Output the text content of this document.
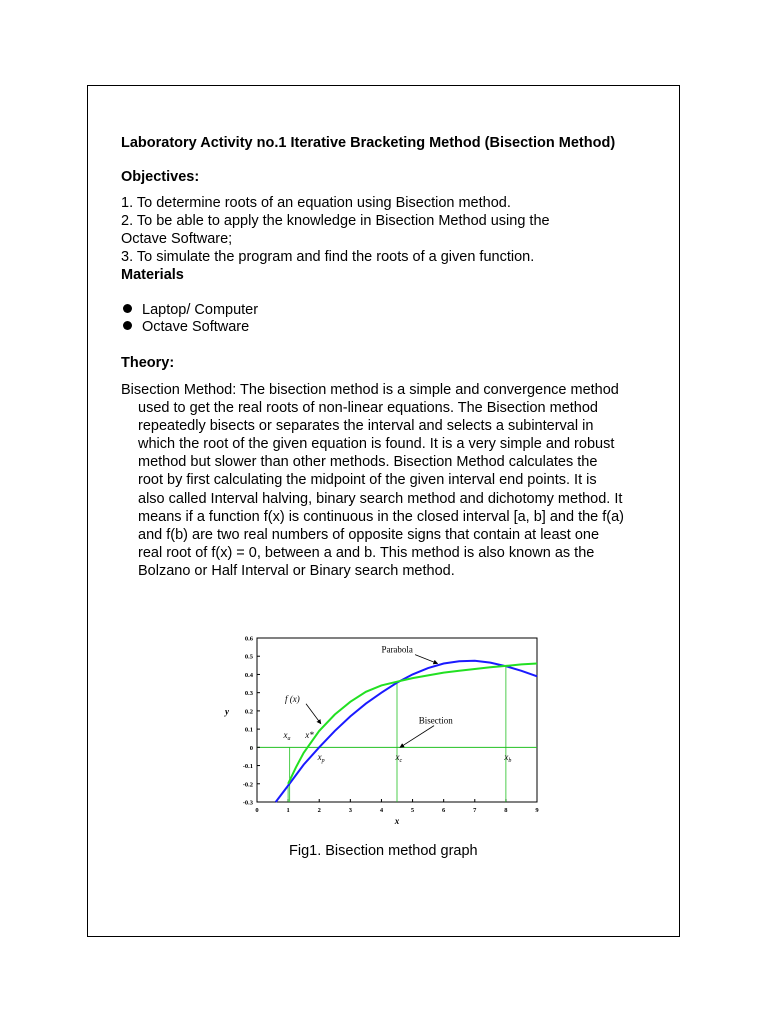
Laboratory Activity no.1 Iterative Bracketing Method (Bisection Method)
Objectives:
1. To determine roots of an equation using Bisection method.
2. To be able to apply the knowledge in Bisection Method using the
Octave Software;
3. To simulate the program and find the roots of a given function.
Materials
Laptop/ Computer
Octave Software
Theory:
Bisection Method: The bisection method is a simple and convergence method
used to get the real roots of non-linear equations. The Bisection method
repeatedly bisects or separates the interval and selects a subinterval in
which the root of the given equation is found. It is a very simple and robust
method but slower than other methods. Bisection Method calculates the
root by first calculating the midpoint of the given interval end points. It is
also called Interval halving, binary search method and dichotomy method. It
means if a function f(x) is continuous in the closed interval [a, b] and the f(a)
and f(b) are two real numbers of opposite signs that contain at least one
real root of f(x) = 0, between a and b. This method is also known as the
Bolzano or Half Interval or Binary search method.
0	1	2	3	4	5	6	7	8	9
0.6
0.5
0.4
0.3
0.2
0.1
0
-0.1
-0.2
-0.3
x
y
Parabola
f (x)
Bisection
$x_a$ x*
$x_p$	$x_c$	$x_b$
Fig1. Bisection method graph
